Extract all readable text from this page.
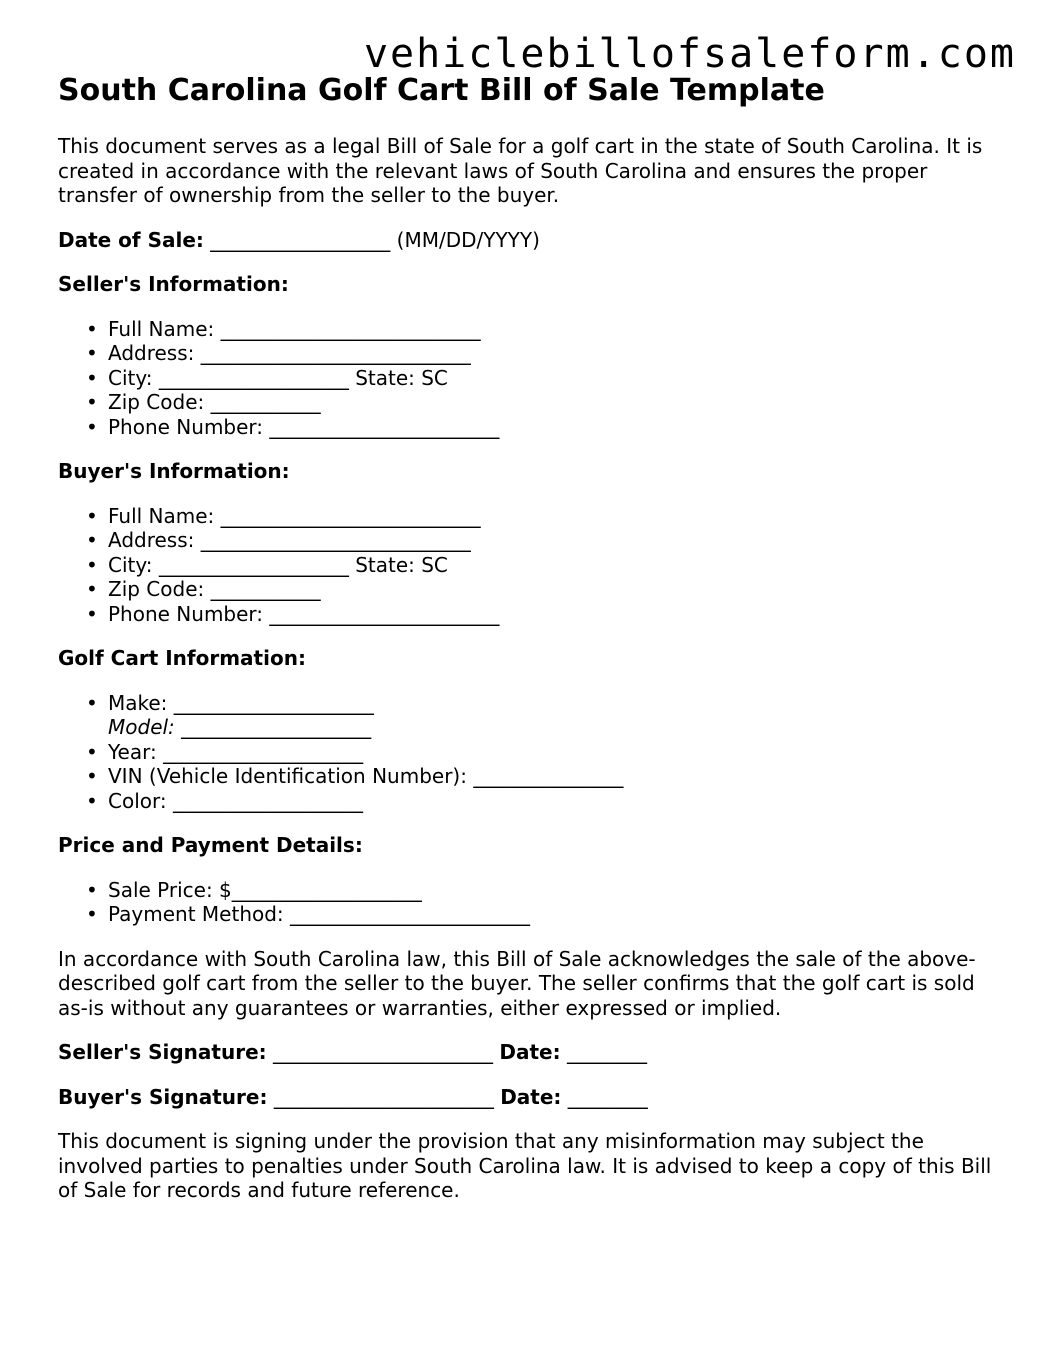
vehiclebillofsaleform.com
South Carolina Golf Cart Bill of Sale Template

This document serves as a legal Bill of Sale for a golf cart in the state of South Carolina. It is created in accordance with the relevant laws of South Carolina and ensures the proper transfer of ownership from the seller to the buyer.

Date of Sale: __________________ (MM/DD/YYYY)

Seller's Information:

• Full Name: __________________________
• Address: ___________________________
• City: ___________________ State: SC
• Zip Code: ___________
• Phone Number: _______________________

Buyer's Information:

• Full Name: __________________________
• Address: ___________________________
• City: ___________________ State: SC
• Zip Code: ___________
• Phone Number: _______________________

Golf Cart Information:

• Make: ____________________
Model: ___________________
• Year: ____________________
• VIN (Vehicle Identification Number): _______________
• Color: ___________________

Price and Payment Details:

• Sale Price: $___________________
• Payment Method: ________________________

In accordance with South Carolina law, this Bill of Sale acknowledges the sale of the above-described golf cart from the seller to the buyer. The seller confirms that the golf cart is sold as-is without any guarantees or warranties, either expressed or implied.

Seller's Signature: ______________________ Date: ________

Buyer's Signature: ______________________ Date: ________

This document is signing under the provision that any misinformation may subject the involved parties to penalties under South Carolina law. It is advised to keep a copy of this Bill of Sale for records and future reference.
